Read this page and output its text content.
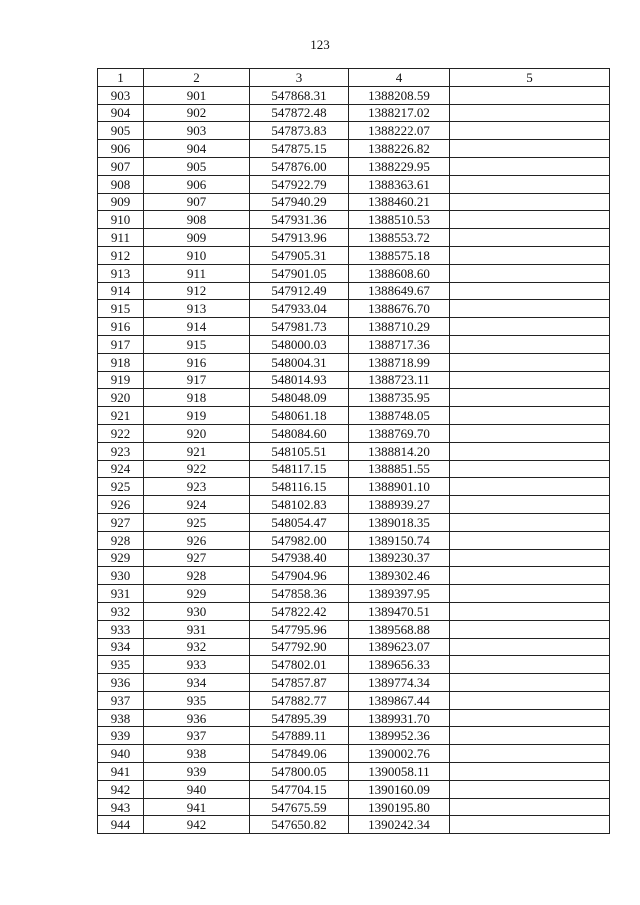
123
1	2	3	4	5
903	901	547868.31	1388208.59	
904	902	547872.48	1388217.02	
905	903	547873.83	1388222.07	
906	904	547875.15	1388226.82	
907	905	547876.00	1388229.95	
908	906	547922.79	1388363.61	
909	907	547940.29	1388460.21	
910	908	547931.36	1388510.53	
911	909	547913.96	1388553.72	
912	910	547905.31	1388575.18	
913	911	547901.05	1388608.60	
914	912	547912.49	1388649.67	
915	913	547933.04	1388676.70	
916	914	547981.73	1388710.29	
917	915	548000.03	1388717.36	
918	916	548004.31	1388718.99	
919	917	548014.93	1388723.11	
920	918	548048.09	1388735.95	
921	919	548061.18	1388748.05	
922	920	548084.60	1388769.70	
923	921	548105.51	1388814.20	
924	922	548117.15	1388851.55	
925	923	548116.15	1388901.10	
926	924	548102.83	1388939.27	
927	925	548054.47	1389018.35	
928	926	547982.00	1389150.74	
929	927	547938.40	1389230.37	
930	928	547904.96	1389302.46	
931	929	547858.36	1389397.95	
932	930	547822.42	1389470.51	
933	931	547795.96	1389568.88	
934	932	547792.90	1389623.07	
935	933	547802.01	1389656.33	
936	934	547857.87	1389774.34	
937	935	547882.77	1389867.44	
938	936	547895.39	1389931.70	
939	937	547889.11	1389952.36	
940	938	547849.06	1390002.76	
941	939	547800.05	1390058.11	
942	940	547704.15	1390160.09	
943	941	547675.59	1390195.80	
944	942	547650.82	1390242.34	
